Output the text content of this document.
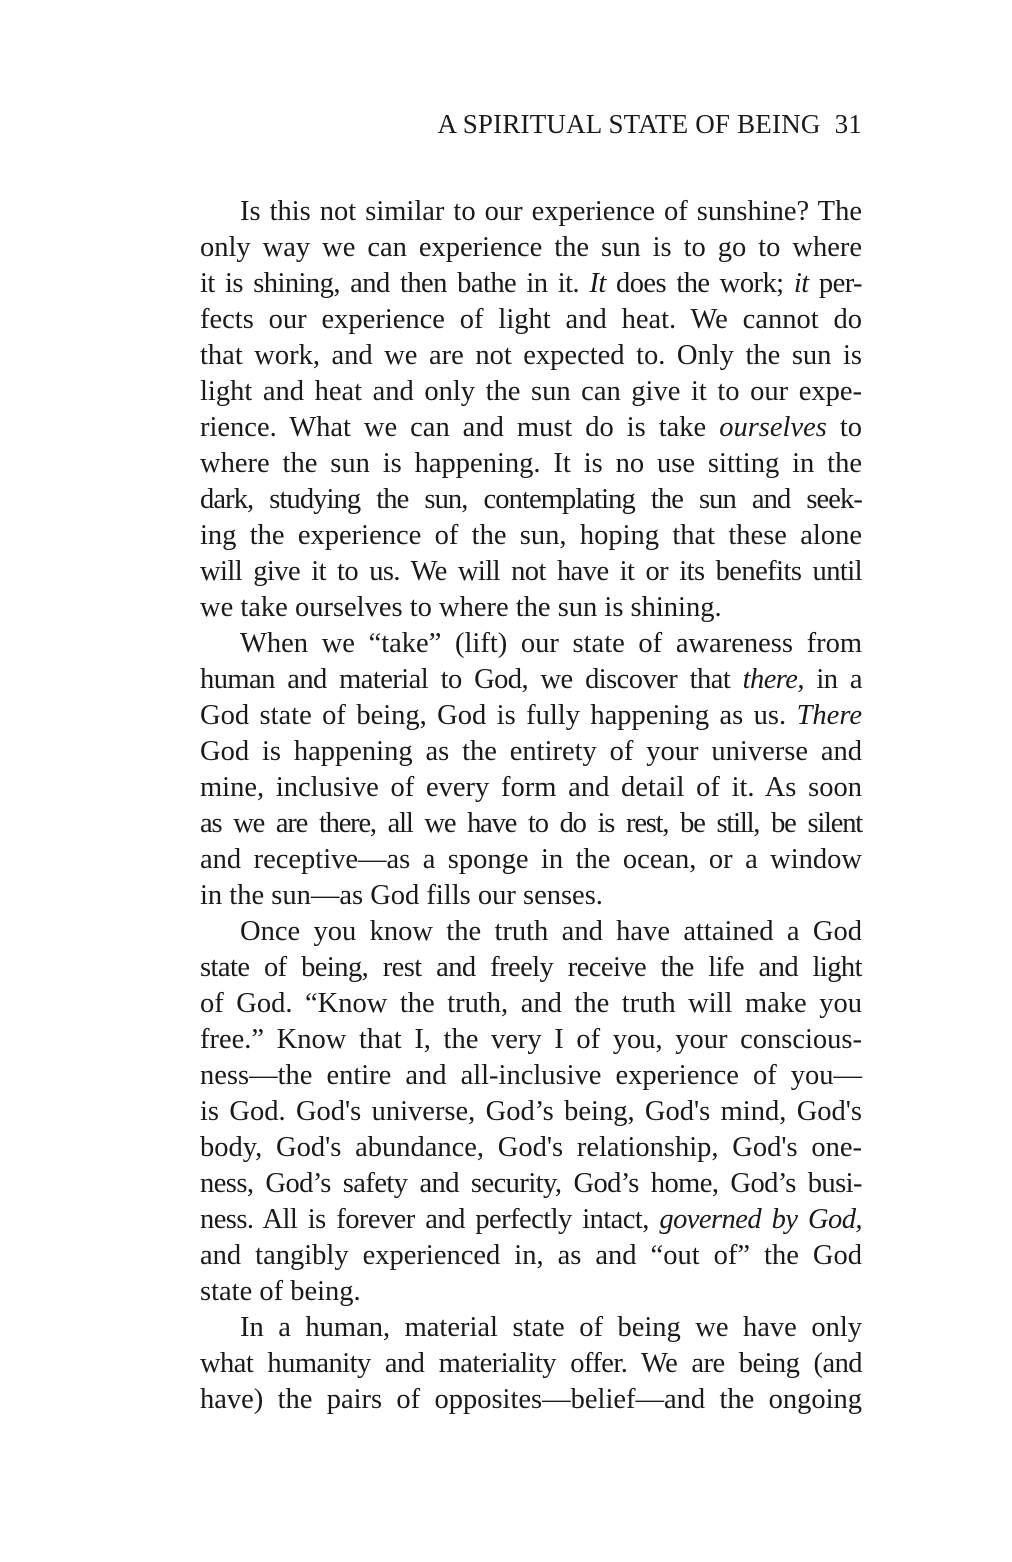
A SPIRITUAL STATE OF BEING 31
Is this not similar to our experience of sunshine? The
only way we can experience the sun is to go to where
it is shining, and then bathe in it. It does the work; it per-
fects our experience of light and heat. We cannot do
that work, and we are not expected to. Only the sun is
light and heat and only the sun can give it to our expe-
rience. What we can and must do is take ourselves to
where the sun is happening. It is no use sitting in the
dark, studying the sun, contemplating the sun and seek-
ing the experience of the sun, hoping that these alone
will give it to us. We will not have it or its benefits until
we take ourselves to where the sun is shining.
When we “take” (lift) our state of awareness from
human and material to God, we discover that there, in a
God state of being, God is fully happening as us. There
God is happening as the entirety of your universe and
mine, inclusive of every form and detail of it. As soon
as we are there, all we have to do is rest, be still, be silent
and receptive—as a sponge in the ocean, or a window
in the sun—as God fills our senses.
Once you know the truth and have attained a God
state of being, rest and freely receive the life and light
of God. “Know the truth, and the truth will make you
free.” Know that I, the very I of you, your conscious-
ness—the entire and all-inclusive experience of you—
is God. God's universe, God’s being, God's mind, God's
body, God's abundance, God's relationship, God's one-
ness, God’s safety and security, God’s home, God’s busi-
ness. All is forever and perfectly intact, governed by God,
and tangibly experienced in, as and “out of” the God
state of being.
In a human, material state of being we have only
what humanity and materiality offer. We are being (and
have) the pairs of opposites—belief—and the ongoing
